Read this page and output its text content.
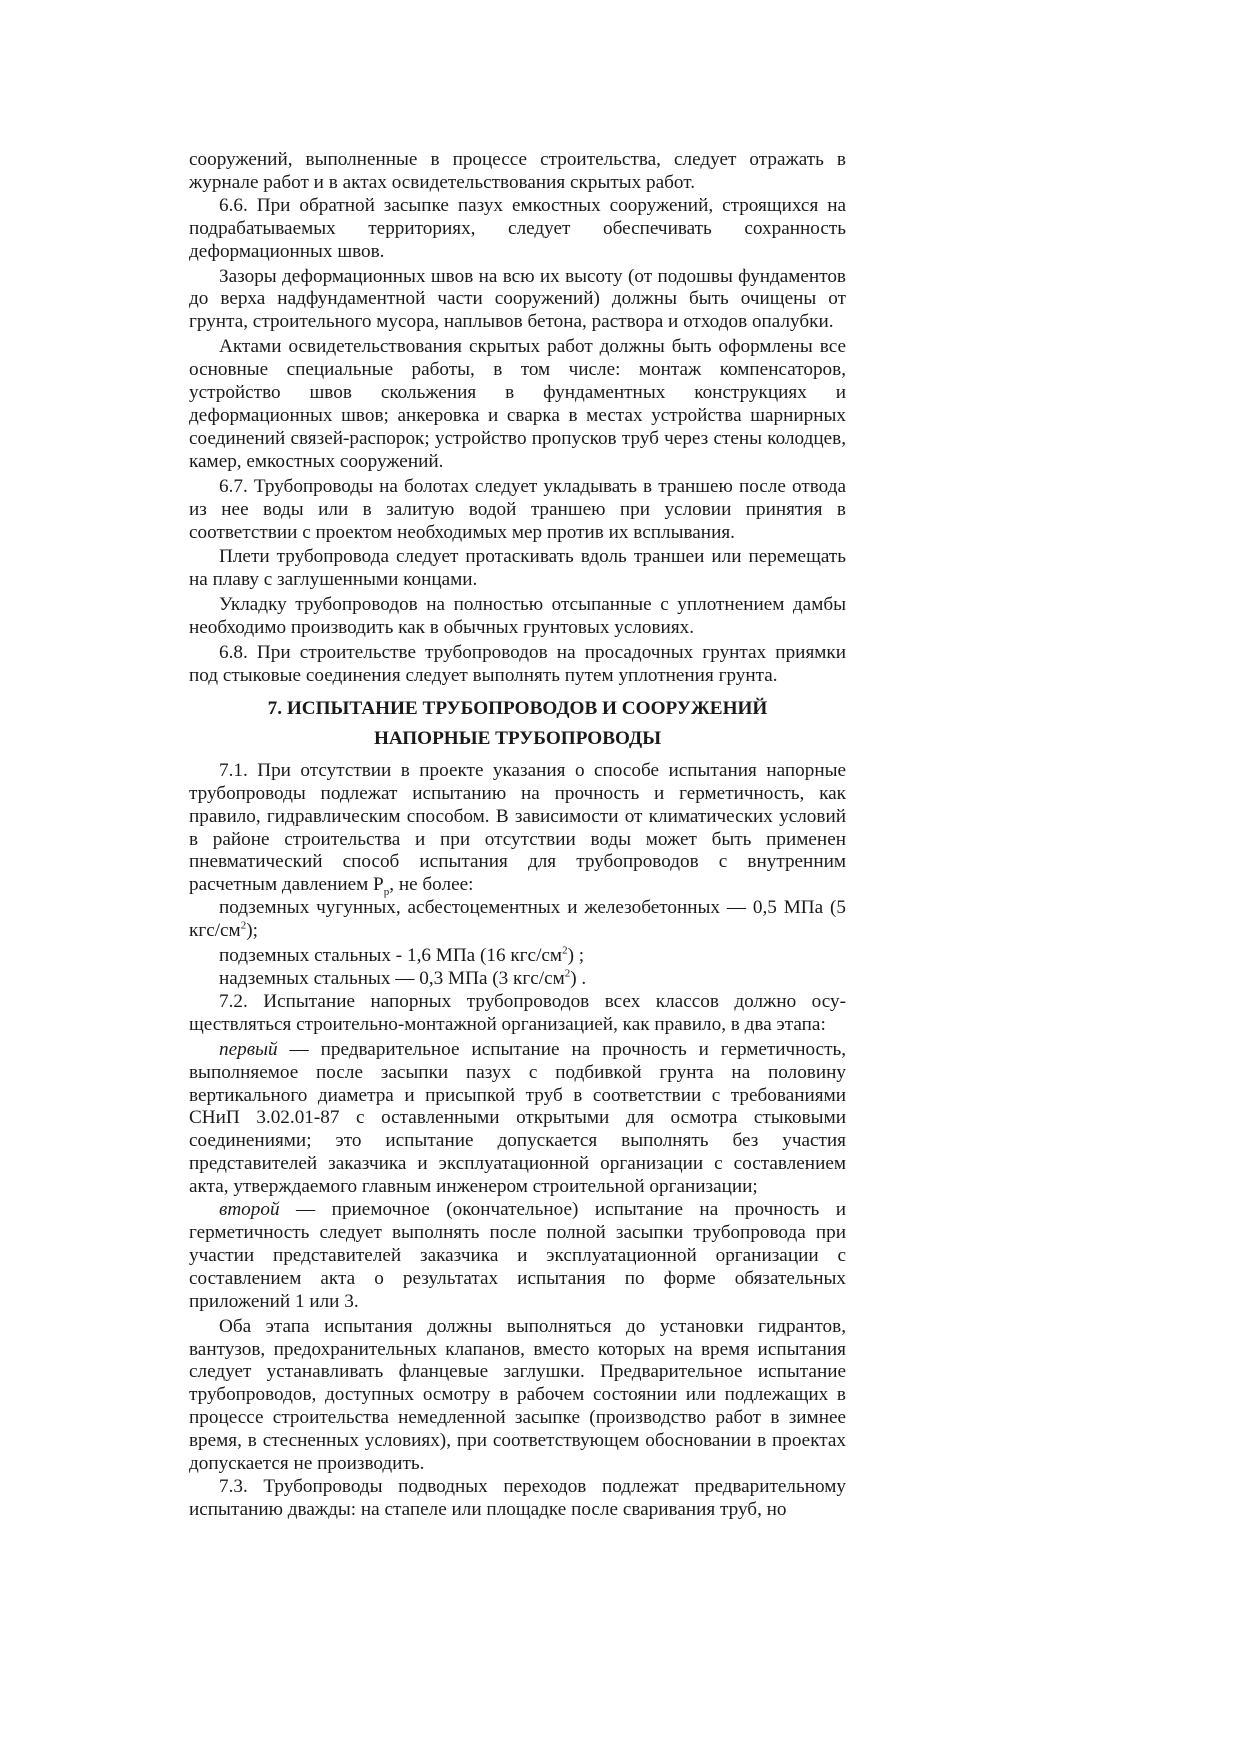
сооружений, выполненные в процессе строительства, следует отражать в журнале работ и в актах освидетельствования скрытых работ.

6.6. При обратной засыпке пазух емкостных сооружений, строящихся на подрабатываемых территориях, следует обеспечивать сохранность деформационных швов.

Зазоры деформационных швов на всю их высоту (от подошвы фундаментов до верха надфундаментной части сооружений) должны быть очищены от грунта, строительного мусора, наплывов бетона, раствора и отходов опалубки.

Актами освидетельствования скрытых работ должны быть оформлены все основные специальные работы, в том числе: монтаж компенсаторов, устройство швов скольжения в фундаментных конструкциях и деформационных швов; анкеровка и сварка в местах устройства шарнирных соединений связей-распорок; устройство пропусков труб через стены колодцев, камер, емкостных сооружений.

6.7. Трубопроводы на болотах следует укладывать в траншею после отвода из нее воды или в залитую водой траншею при условии принятия в соответствии с проектом необходимых мер против их всплывания.

Плети трубопровода следует протаскивать вдоль траншеи или перемещать на плаву с заглушенными концами.

Укладку трубопроводов на полностью отсыпанные с уплотнением дамбы необходимо производить как в обычных грунтовых условиях.

6.8. При строительстве трубопроводов на просадочных грунтах приямки под стыковые соединения следует выполнять путем уплотнения грунта.

7. ИСПЫТАНИЕ ТРУБОПРОВОДОВ И СООРУЖЕНИЙ
НАПОРНЫЕ ТРУБОПРОВОДЫ

7.1. При отсутствии в проекте указания о способе испытания напорные трубопроводы подлежат испытанию на прочность и герметичность, как правило, гидравлическим способом. В зависимости от климатических условий в районе строительства и при отсутствии воды может быть применен пневматический способ испытания для трубопроводов с внутренним расчетным давлением $P_р$, не более:

подземных чугунных, асбестоцементных и железобетонных — 0,5 МПа (5 кгс/$см^2$);

подземных стальных - 1,6 МПа (16 кгс/$см^2$) ;

надземных стальных — 0,3 МПа (3 кгс/$см^2$) .

7.2. Испытание напорных трубопроводов всех классов должно осуществляться строительно-монтажной организацией, как правило, в два этапа:

первый — предварительное испытание на прочность и герметичность, выполняемое после засыпки пазух с подбивкой грунта на половину вертикального диаметра и присыпкой труб в соответствии с требованиями СНиП 3.02.01-87 с оставленными открытыми для осмотра стыковыми соединениями; это испытание допускается выполнять без участия представителей заказчика и эксплуатационной организации с составлением акта, утверждаемого главным инженером строительной организации;

второй — приемочное (окончательное) испытание на прочность и герметичность следует выполнять после полной засыпки трубопровода при участии представителей заказчика и эксплуатационной организации с составлением акта о результатах испытания по форме обязательных приложений 1 или 3.

Оба этапа испытания должны выполняться до установки гидрантов, вантузов, предохранительных клапанов, вместо которых на время испытания следует устанавливать фланцевые заглушки. Предварительное испытание трубопроводов, доступных осмотру в рабочем состоянии или подлежащих в процессе строительства немедленной засыпке (производство работ в зимнее время, в стесненных условиях), при соответствующем обосновании в проектах допускается не производить.

7.3. Трубопроводы подводных переходов подлежат предварительному испытанию дважды: на стапеле или площадке после сваривания труб, но
